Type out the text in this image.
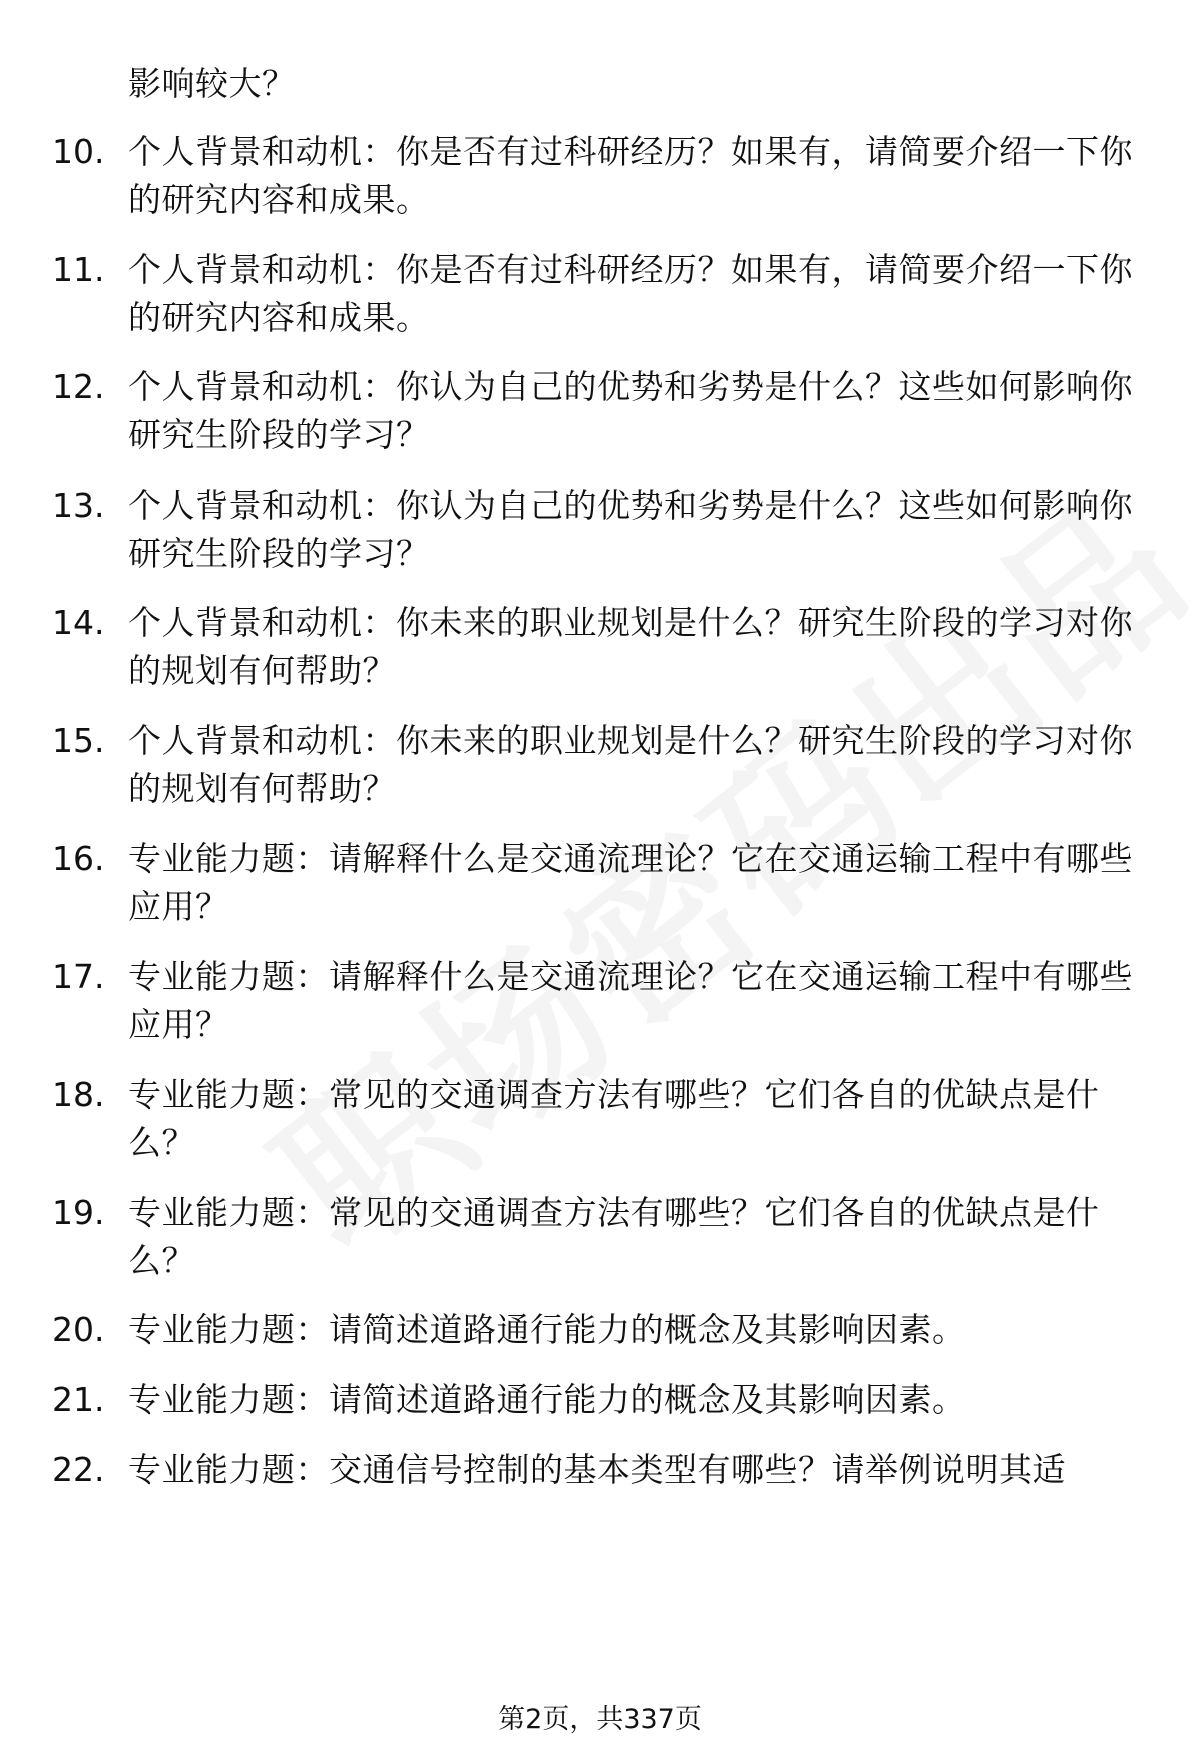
影响较大？
10. 个人背景和动机：你是否有过科研经历？如果有，请简要介绍一下你的研究内容和成果。
11. 个人背景和动机：你是否有过科研经历？如果有，请简要介绍一下你的研究内容和成果。
12. 个人背景和动机：你认为自己的优势和劣势是什么？这些如何影响你研究生阶段的学习？
13. 个人背景和动机：你认为自己的优势和劣势是什么？这些如何影响你研究生阶段的学习？
14. 个人背景和动机：你未来的职业规划是什么？研究生阶段的学习对你的规划有何帮助？
15. 个人背景和动机：你未来的职业规划是什么？研究生阶段的学习对你的规划有何帮助？
16. 专业能力题：请解释什么是交通流理论？它在交通运输工程中有哪些应用？
17. 专业能力题：请解释什么是交通流理论？它在交通运输工程中有哪些应用？
18. 专业能力题：常见的交通调查方法有哪些？它们各自的优缺点是什么？
19. 专业能力题：常见的交通调查方法有哪些？它们各自的优缺点是什么？
20. 专业能力题：请简述道路通行能力的概念及其影响因素。
21. 专业能力题：请简述道路通行能力的概念及其影响因素。
22. 专业能力题：交通信号控制的基本类型有哪些？请举例说明其适
第2页，共337页
